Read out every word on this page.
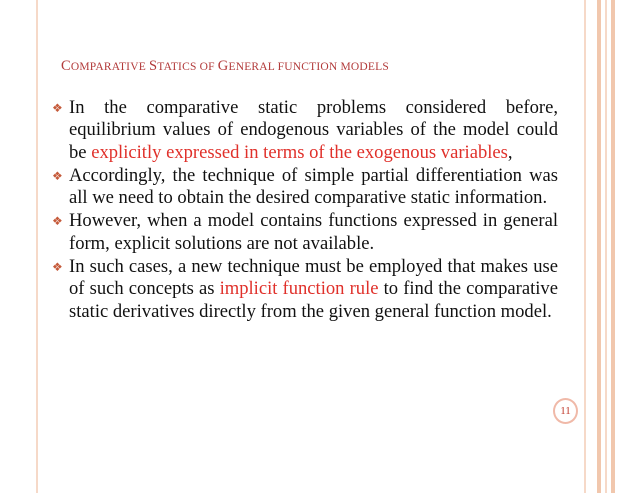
COMPARATIVE STATICS OF GENERAL FUNCTION MODELS
❖ In the comparative static problems considered before, equilibrium values of endogenous variables of the model could be explicitly expressed in terms of the exogenous variables,
❖ Accordingly, the technique of simple partial differentiation was all we need to obtain the desired comparative static information.
❖ However, when a model contains functions expressed in general form, explicit solutions are not available.
❖ In such cases, a new technique must be employed that makes use of such concepts as implicit function rule to find the comparative static derivatives directly from the given general function model.
11
